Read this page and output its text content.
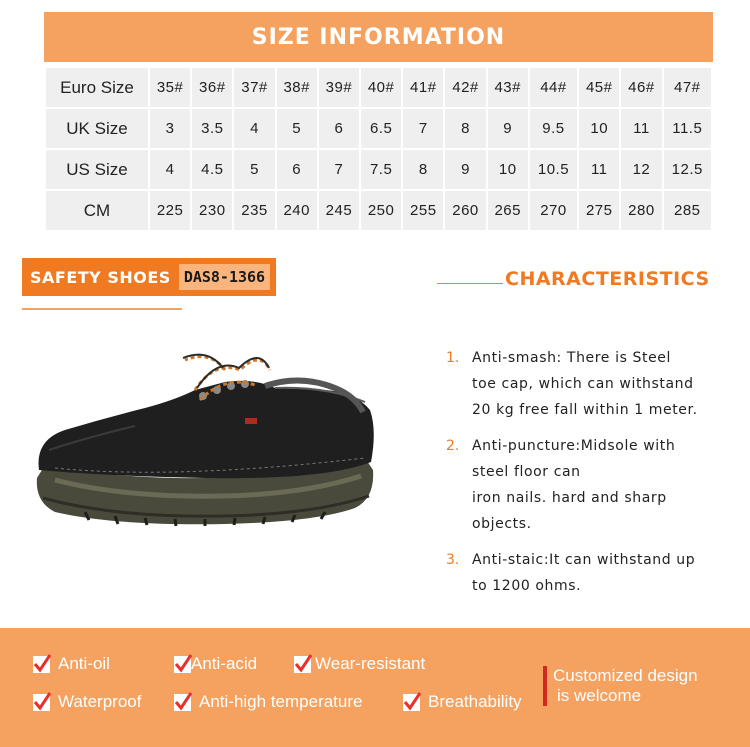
SIZE INFORMATION
Euro Size	35#	36#	37#	38#	39#	40#	41#	42#	43#	44#	45#	46#	47#
UK Size	3	3.5	4	5	6	6.5	7	8	9	9.5	10	11	11.5
US Size	4	4.5	5	6	7	7.5	8	9	10	10.5	11	12	12.5
CM	225	230	235	240	245	250	255	260	265	270	275	280	285
SAFETY SHOES DAS8-1366	CHARACTERISTICS
1. Anti-smash: There is Steel
toe cap, which can withstand
20 kg free fall within 1 meter.
2. Anti-puncture:Midsole with
steel floor can
iron nails. hard and sharp
objects.
3. Anti-staic:It can withstand up
to 1200 ohms.
Anti-oil	Anti-acid	Wear-resistant
Waterproof	Anti-high temperature	Breathability
Customized design
is welcome
